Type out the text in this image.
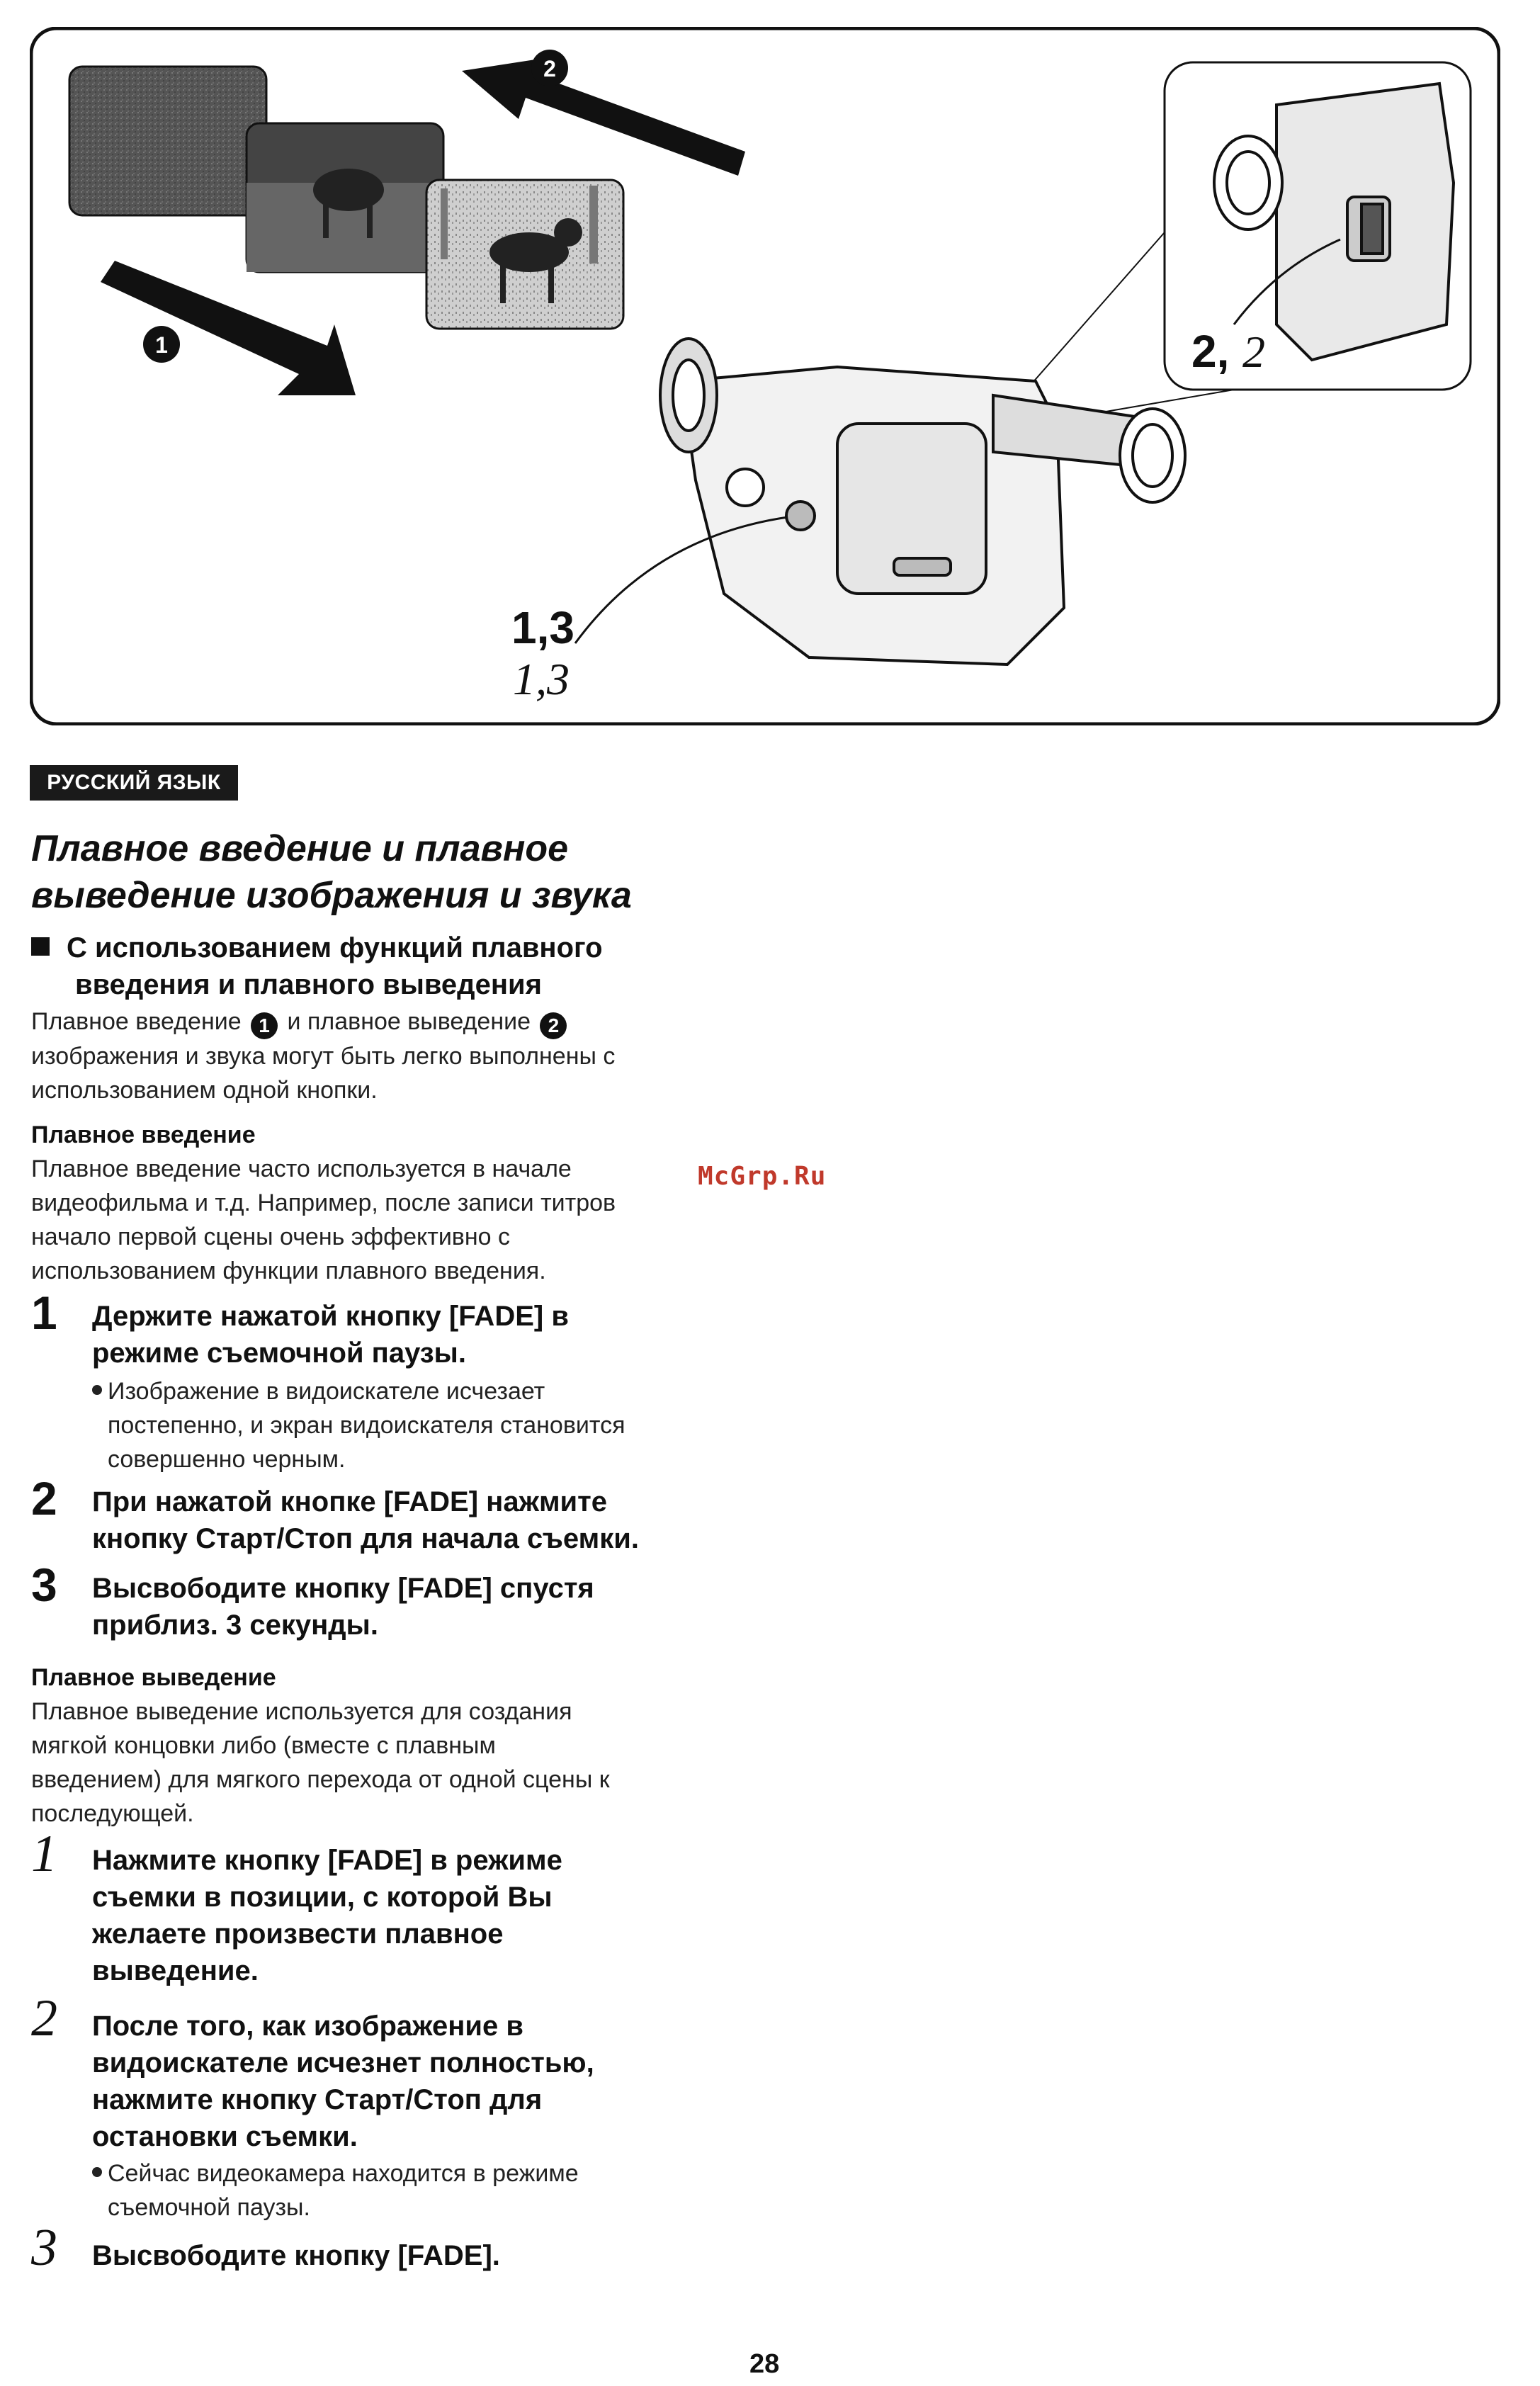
1
2
2, 2
1,3
1,3
РУССКИЙ ЯЗЫК
Плавное введение и плавное
выведение изображения и звука
С использованием функций плавного
введения и плавного выведения
Плавное введение 1 и плавное выведение 2
изображения и звука могут быть легко выполнены с
использованием одной кнопки.
Плавное введение
Плавное введение часто используется в начале
видеофильма и т.д. Например, после записи титров
начало первой сцены очень эффективно с
использованием функции плавного введения.
1	Держите нажатой кнопку [FADE] в
режиме съемочной паузы.
Изображение в видоискателе исчезает
постепенно, и экран видоискателя становится
совершенно черным.
2	При нажатой кнопке [FADE] нажмите
кнопку Старт/Стоп для начала съемки.
3	Высвободите кнопку [FADE] спустя
приблиз. 3 секунды.
Плавное выведение
Плавное выведение используется для создания
мягкой концовки либо (вместе с плавным
введением) для мягкого перехода от одной сцены к
последующей.
1	Нажмите кнопку [FADE] в режиме
съемки в позиции, с которой Вы
желаете произвести плавное
выведение.
2	После того, как изображение в
видоискателе исчезнет полностью,
нажмите кнопку Старт/Стоп для
остановки съемки.
Сейчас видеокамера находится в режиме
съемочной паузы.
3	Высвободите кнопку [FADE].
McGrp.Ru
28
